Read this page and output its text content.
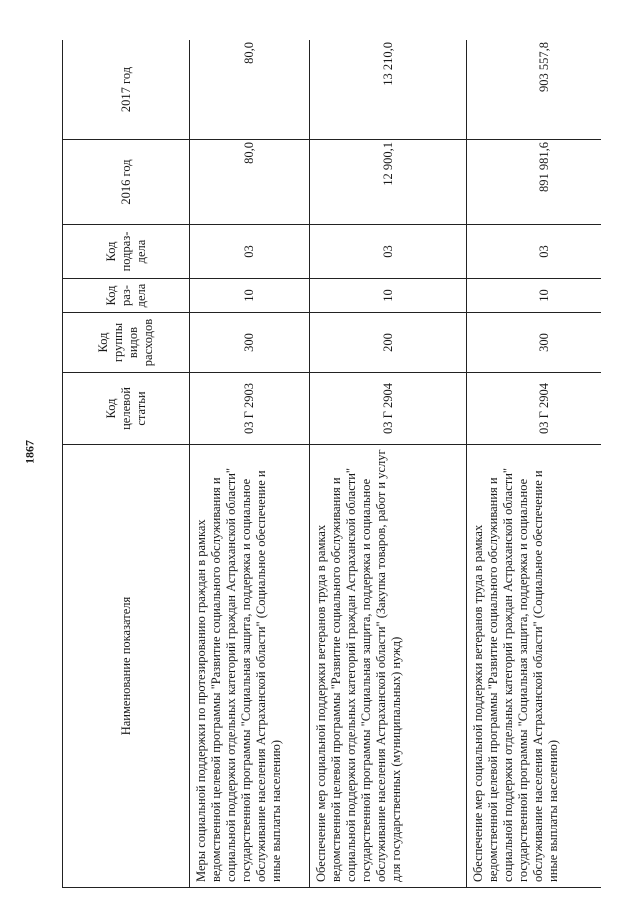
1867
Наименование показателя	Код целевой статьи	Код группы видов расходов	Код раз-дела	Код подраз-дела	2016 год	2017 год

Меры социальной поддержки по протезированию граждан в рамках ведомственной целевой программы "Развитие социального обслуживания и социальной поддержки отдельных категорий граждан Астраханской области" государственной программы "Социальная защита, поддержка и социальное обслуживание населения Астраханской области" (Социальное обеспечение и иные выплаты населению)	03 Г 2903	300	10	03	80,0	80,0
Обеспечение мер социальной поддержки ветеранов труда в рамках ведомственной целевой программы "Развитие социального обслуживания и социальной поддержки отдельных категорий граждан Астраханской области" государственной программы "Социальная защита, поддержка и социальное обслуживание населения Астраханской области" (Закупка товаров, работ и услуг для государственных (муниципальных) нужд)	03 Г 2904	200	10	03	12 900,1	13 210,0
Обеспечение мер социальной поддержки ветеранов труда в рамках ведомственной целевой программы "Развитие социального обслуживания и социальной поддержки отдельных категорий граждан Астраханской области" государственной программы "Социальная защита, поддержка и социальное обслуживание населения Астраханской области" (Социальное обеспечение и иные выплаты населению)	03 Г 2904	300	10	03	891 981,6	903 557,8
